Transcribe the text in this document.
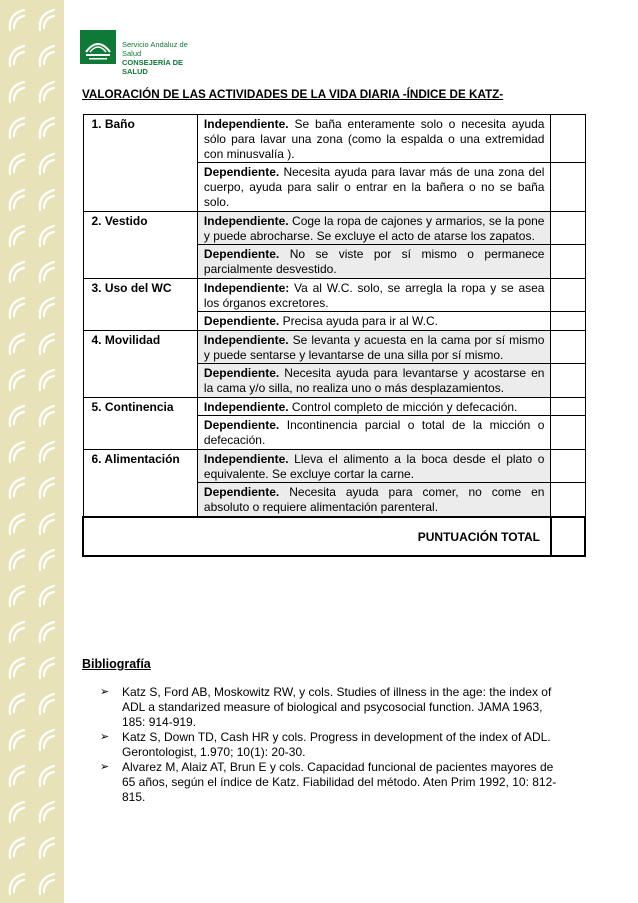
Servicio Andaluz de Salud
CONSEJERÍA DE SALUD
VALORACIÓN DE LAS ACTIVIDADES DE LA VIDA DIARIA -ÍNDICE DE KATZ-
1. Baño	Independiente. Se baña enteramente solo o necesita ayuda sólo para lavar una zona (como la espalda o una extremidad con minusvalía ).	
	Dependiente. Necesita ayuda para lavar más de una zona del cuerpo, ayuda para salir o entrar en la bañera o no se baña solo.	
2. Vestido	Independiente. Coge la ropa de cajones y armarios, se la pone y puede abrocharse. Se excluye el acto de atarse los zapatos.	
	Dependiente. No se viste por sí mismo o permanece parcialmente desvestido.	
3. Uso del WC	Independiente: Va al W.C. solo, se arregla la ropa y se asea los órganos excretores.	
	Dependiente. Precisa ayuda para ir al W.C.	
4. Movilidad	Independiente. Se levanta y acuesta en la cama por sí mismo y puede sentarse y levantarse de una silla por sí mismo.	
	Dependiente. Necesita ayuda para levantarse y acostarse en la cama y/o silla, no realiza uno o más desplazamientos.	
5. Continencia	Independiente. Control completo de micción y defecación.	
	Dependiente. Incontinencia parcial o total de la micción o defecación.	
6. Alimentación	Independiente. Lleva el alimento a la boca desde el plato o equivalente. Se excluye cortar la carne.	
	Dependiente. Necesita ayuda para comer, no come en absoluto o requiere alimentación parenteral.	
PUNTUACIÓN TOTAL		
Bibliografía
➢ Katz S, Ford AB, Moskowitz RW, y cols. Studies of illness in the age: the index of ADL a standarized measure of biological and psycosocial function. JAMA 1963, 185: 914-919.
➢ Katz S, Down TD, Cash HR y cols. Progress in development of the index of ADL. Gerontologist, 1.970; 10(1): 20-30.
➢ Alvarez M, Alaiz AT, Brun E y cols. Capacidad funcional de pacientes mayores de 65 años, según el índice de Katz. Fiabilidad del método. Aten Prim 1992, 10: 812-815.
